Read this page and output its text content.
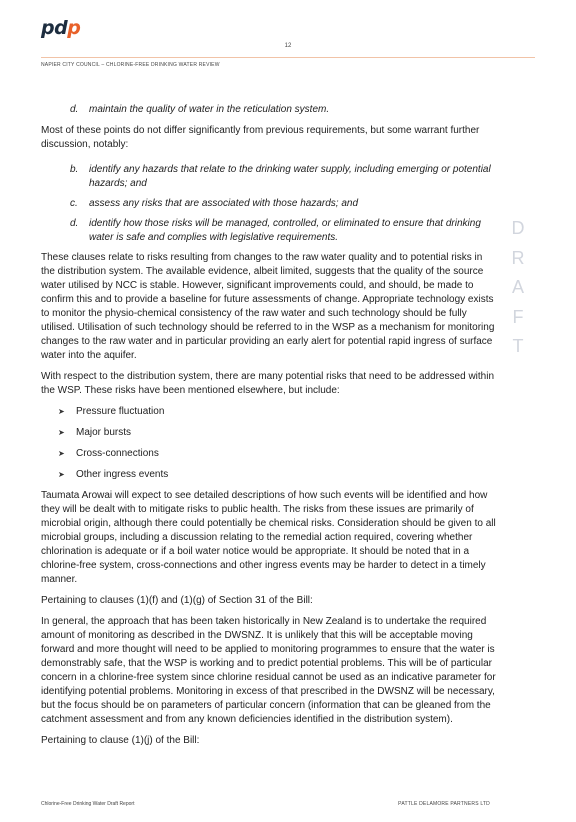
pdp
12
NAPIER CITY COUNCIL – CHLORINE-FREE DRINKING WATER REVIEW
D
R
A
F
T
d.	maintain the quality of water in the reticulation system.

Most of these points do not differ significantly from previous requirements, but some warrant further discussion, notably:

b.	identify any hazards that relate to the drinking water supply, including emerging or potential hazards; and
c.	assess any risks that are associated with those hazards; and
d.	identify how those risks will be managed, controlled, or eliminated to ensure that drinking water is safe and complies with legislative requirements.

These clauses relate to risks resulting from changes to the raw water quality and to potential risks in the distribution system. The available evidence, albeit limited, suggests that the quality of the source water utilised by NCC is stable. However, significant improvements could, and should, be made to confirm this and to provide a baseline for future assessments of change. Appropriate technology exists to monitor the physio-chemical consistency of the raw water and such technology should be fully utilised. Utilisation of such technology should be referred to in the WSP as a mechanism for monitoring changes to the raw water and in particular providing an early alert for potential rapid ingress of surface water into the aquifer.

With respect to the distribution system, there are many potential risks that need to be addressed within the WSP. These risks have been mentioned elsewhere, but include:

➤	Pressure fluctuation
➤	Major bursts
➤	Cross-connections
➤	Other ingress events

Taumata Arowai will expect to see detailed descriptions of how such events will be identified and how they will be dealt with to mitigate risks to public health. The risks from these issues are primarily of microbial origin, although there could potentially be chemical risks. Consideration should be given to all microbial groups, including a discussion relating to the remedial action required, covering whether chlorination is adequate or if a boil water notice would be appropriate. It should be noted that in a chlorine-free system, cross-connections and other ingress events may be harder to detect in a timely manner.

Pertaining to clauses (1)(f) and (1)(g) of Section 31 of the Bill:

In general, the approach that has been taken historically in New Zealand is to undertake the required amount of monitoring as described in the DWSNZ. It is unlikely that this will be acceptable moving forward and more thought will need to be applied to monitoring programmes to ensure that the water is demonstrably safe, that the WSP is working and to predict potential problems. This will be of particular concern in a chlorine-free system since chlorine residual cannot be used as an indicative parameter for identifying potential problems. Monitoring in excess of that prescribed in the DWSNZ will be necessary, but the focus should be on parameters of particular concern (information that can be gleaned from the catchment assessment and from any known deficiencies identified in the distribution system).

Pertaining to clause (1)(j) of the Bill:

Chlorine-Free Drinking Water Draft Report	PATTLE DELAMORE PARTNERS LTD
